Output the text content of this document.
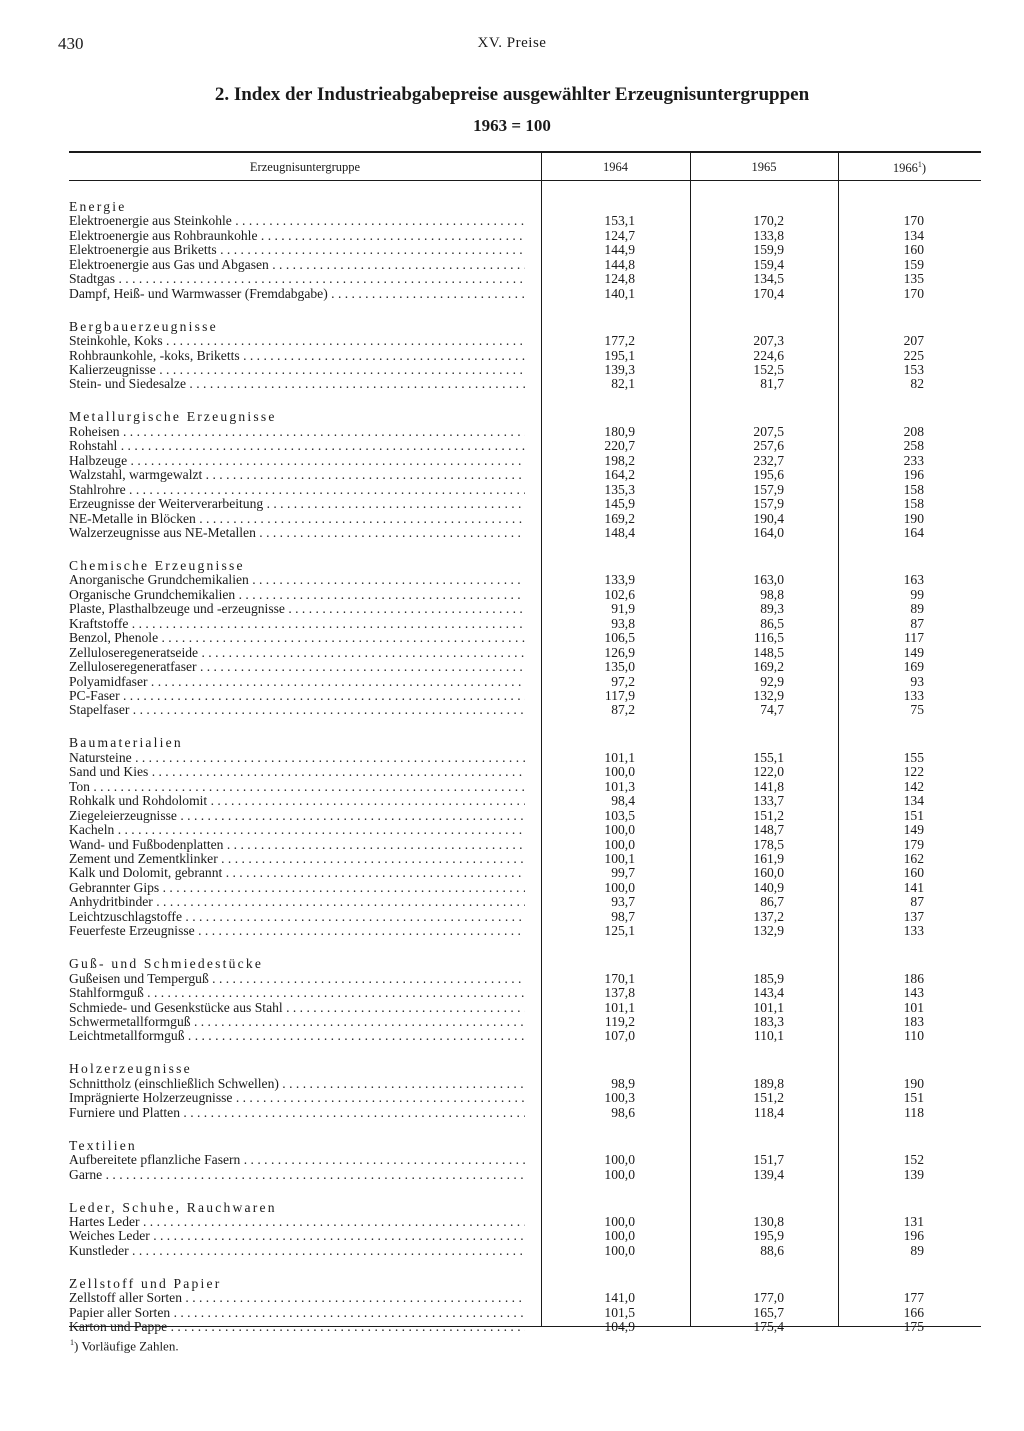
430	XV. Preise
2. Index der Industrieabgabepreise ausgewählter Erzeugnisuntergruppen
1963 = 100
Erzeugnisuntergruppe	1964	1965	1966$^1$)
Energie
Elektroenergie aus Steinkohle . . .	153,1	170,2	170
Elektroenergie aus Rohbraunkohle . . .	124,7	133,8	134
Elektroenergie aus Briketts . . .	144,9	159,9	160
Elektroenergie aus Gas und Abgasen . . .	144,8	159,4	159
Stadtgas . . .	124,8	134,5	135
Dampf, Heiß- und Warmwasser (Fremdabgabe) . . .	140,1	170,4	170
Bergbauerzeugnisse
Steinkohle, Koks . . .	177,2	207,3	207
Rohbraunkohle, -koks, Briketts . . .	195,1	224,6	225
Kalierzeugnisse . . .	139,3	152,5	153
Stein- und Siedesalze . . .	82,1	81,7	82
Metallurgische Erzeugnisse
Roheisen . . .	180,9	207,5	208
Rohstahl . . .	220,7	257,6	258
Halbzeuge . . .	198,2	232,7	233
Walzstahl, warmgewalzt . . .	164,2	195,6	196
Stahlrohre . . .	135,3	157,9	158
Erzeugnisse der Weiterverarbeitung . . .	145,9	157,9	158
NE-Metalle in Blöcken . . .	169,2	190,4	190
Walzerzeugnisse aus NE-Metallen . . .	148,4	164,0	164
Chemische Erzeugnisse
Anorganische Grundchemikalien . . .	133,9	163,0	163
Organische Grundchemikalien . . .	102,6	98,8	99
Plaste, Plasthalbzeuge und -erzeugnisse . . .	91,9	89,3	89
Kraftstoffe . . .	93,8	86,5	87
Benzol, Phenole . . .	106,5	116,5	117
Zelluloseregeneratseide . . .	126,9	148,5	149
Zelluloseregeneratfaser . . .	135,0	169,2	169
Polyamidfaser . . .	97,2	92,9	93
PC-Faser . . .	117,9	132,9	133
Stapelfaser . . .	87,2	74,7	75
Baumaterialien
Natursteine . . .	101,1	155,1	155
Sand und Kies . . .	100,0	122,0	122
Ton . . .	101,3	141,8	142
Rohkalk und Rohdolomit . . .	98,4	133,7	134
Ziegeleierzeugnisse . . .	103,5	151,2	151
Kacheln . . .	100,0	148,7	149
Wand- und Fußbodenplatten . . .	100,0	178,5	179
Zement und Zementklinker . . .	100,1	161,9	162
Kalk und Dolomit, gebrannt . . .	99,7	160,0	160
Gebrannter Gips . . .	100,0	140,9	141
Anhydritbinder . . .	93,7	86,7	87
Leichtzuschlagstoffe . . .	98,7	137,2	137
Feuerfeste Erzeugnisse . . .	125,1	132,9	133
Guß- und Schmiedestücke
Gußeisen und Temperguß . . .	170,1	185,9	186
Stahlformguß . . .	137,8	143,4	143
Schmiede- und Gesenkstücke aus Stahl . . .	101,1	101,1	101
Schwermetallformguß . . .	119,2	183,3	183
Leichtmetallformguß . . .	107,0	110,1	110
Holzerzeugnisse
Schnittholz (einschließlich Schwellen) . . .	98,9	189,8	190
Imprägnierte Holzerzeugnisse . . .	100,3	151,2	151
Furniere und Platten . . .	98,6	118,4	118
Textilien
Aufbereitete pflanzliche Fasern . . .	100,0	151,7	152
Garne . . .	100,0	139,4	139
Leder, Schuhe, Rauchwaren
Hartes Leder . . .	100,0	130,8	131
Weiches Leder . . .	100,0	195,9	196
Kunstleder . . .	100,0	88,6	89
Zellstoff und Papier
Zellstoff aller Sorten . . .	141,0	177,0	177
Papier aller Sorten . . .	101,5	165,7	166
Karton und Pappe . . .	104,9	175,4	175
$^1$) Vorläufige Zahlen.
